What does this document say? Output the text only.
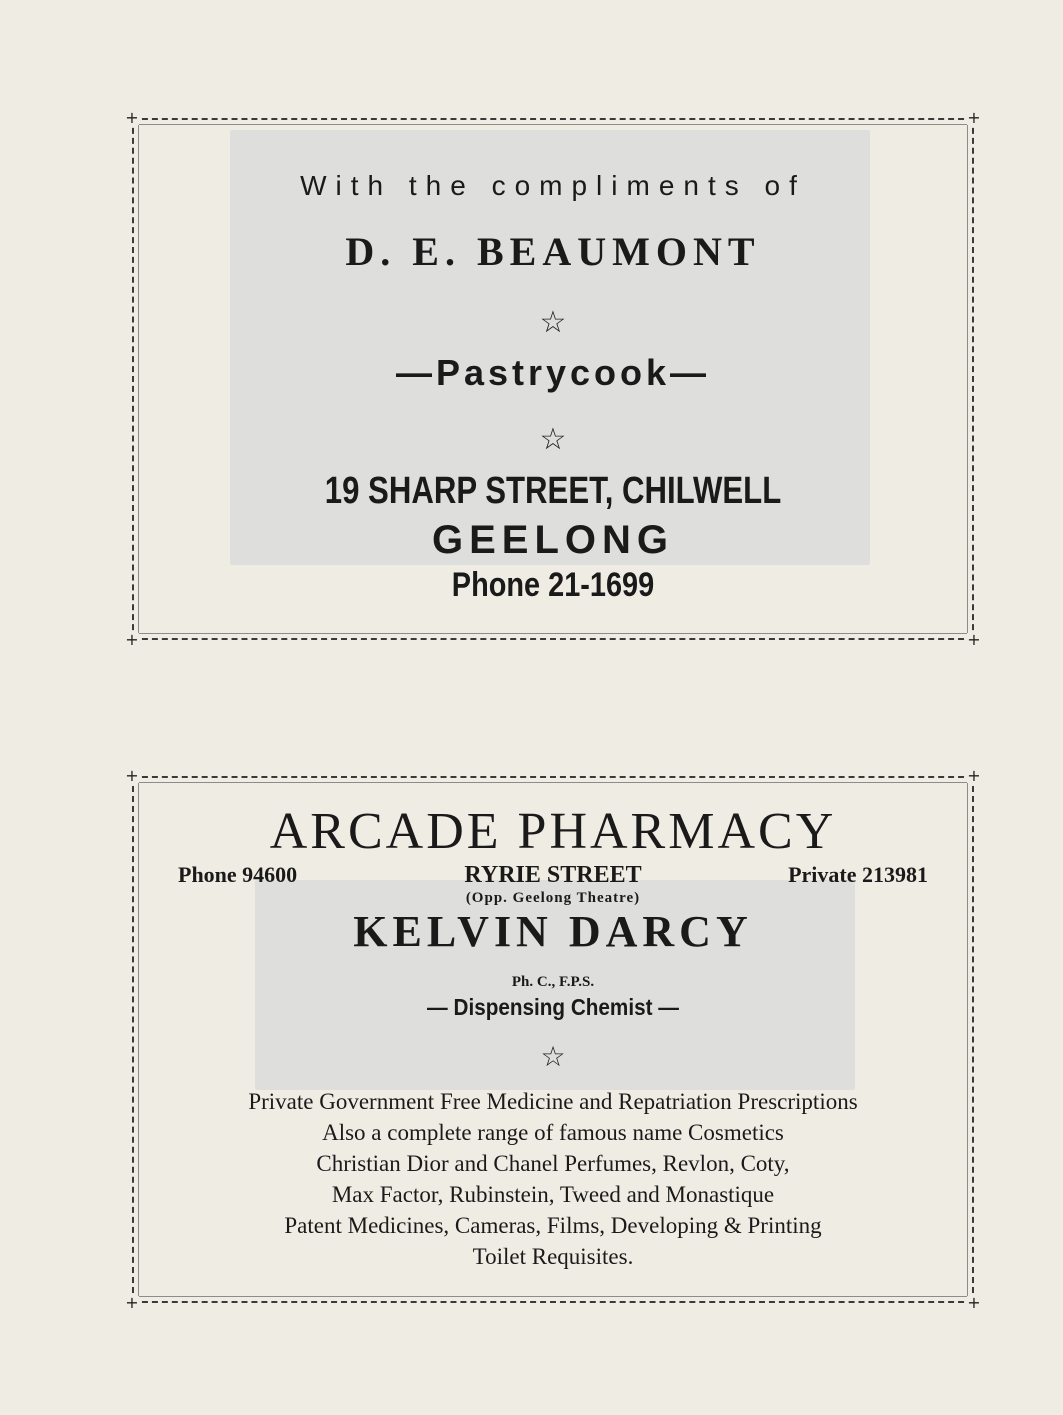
+	+
+	+
With the compliments of
D. E. BEAUMONT
☆
—Pastrycook—
☆
19 SHARP STREET, CHILWELL
GEELONG
Phone 21-1699
+	+
+	+
ARCADE PHARMACY
Phone 94600	RYRIE STREET	Private 213981
(Opp. Geelong Theatre)
KELVIN DARCY
Ph. C., F.P.S.
— Dispensing Chemist —
☆
Private Government Free Medicine and Repatriation Prescriptions
Also a complete range of famous name Cosmetics
Christian Dior and Chanel Perfumes, Revlon, Coty,
Max Factor, Rubinstein, Tweed and Monastique
Patent Medicines, Cameras, Films, Developing & Printing
Toilet Requisites.
